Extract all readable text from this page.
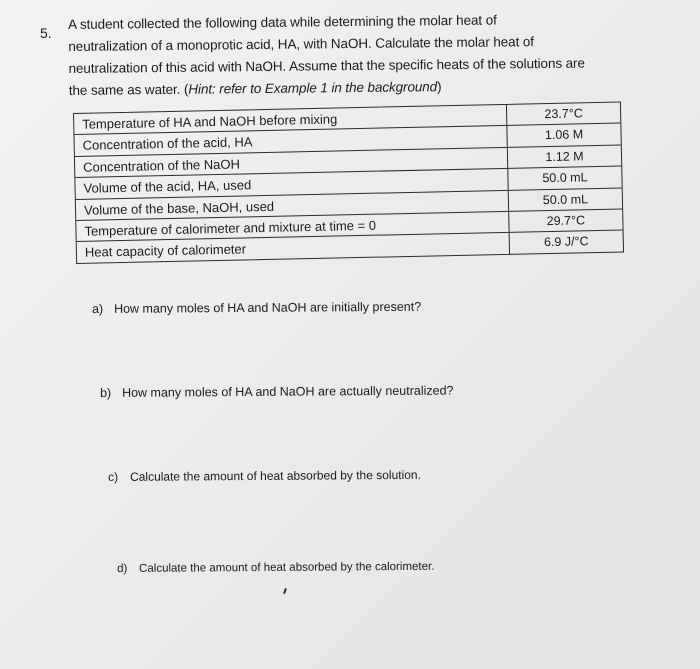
5.
A student collected the following data while determining the molar heat of
neutralization of a monoprotic acid, HA, with NaOH. Calculate the molar heat of
neutralization of this acid with NaOH. Assume that the specific heats of the solutions are
the same as water. (Hint: refer to Example 1 in the background)
Temperature of HA and NaOH before mixing	23.7°C
Concentration of the acid, HA	1.06 M
Concentration of the NaOH	1.12 M
Volume of the acid, HA, used	50.0 mL
Volume of the base, NaOH, used	50.0 mL
Temperature of calorimeter and mixture at time = 0	29.7°C
Heat capacity of calorimeter	6.9 J/°C
a) How many moles of HA and NaOH are initially present?
b) How many moles of HA and NaOH are actually neutralized?
c) Calculate the amount of heat absorbed by the solution.
d) Calculate the amount of heat absorbed by the calorimeter.
